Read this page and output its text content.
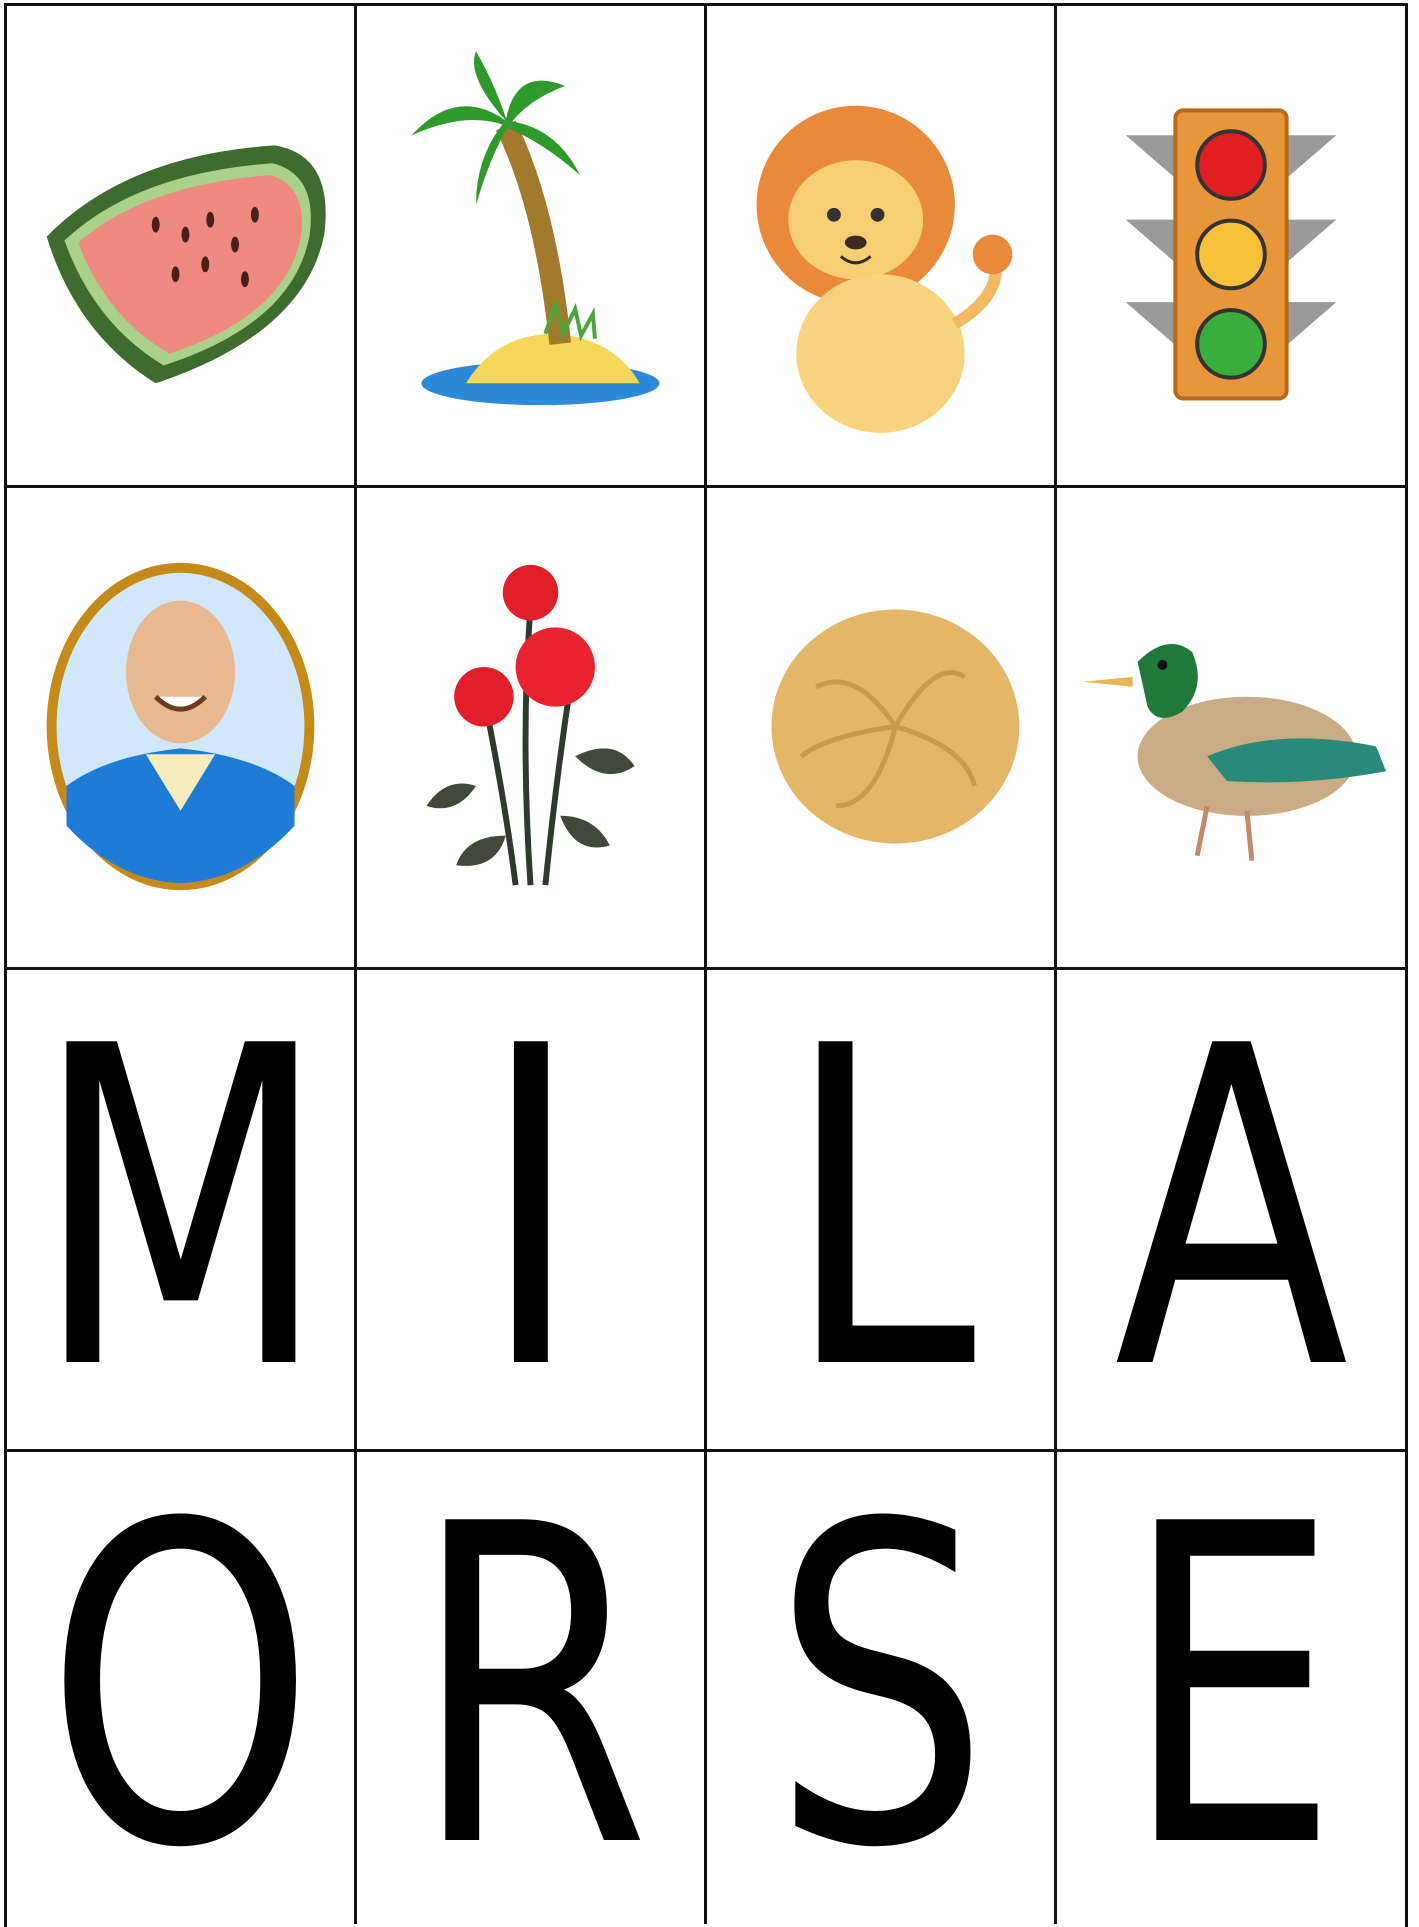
M I L A
O R S E
